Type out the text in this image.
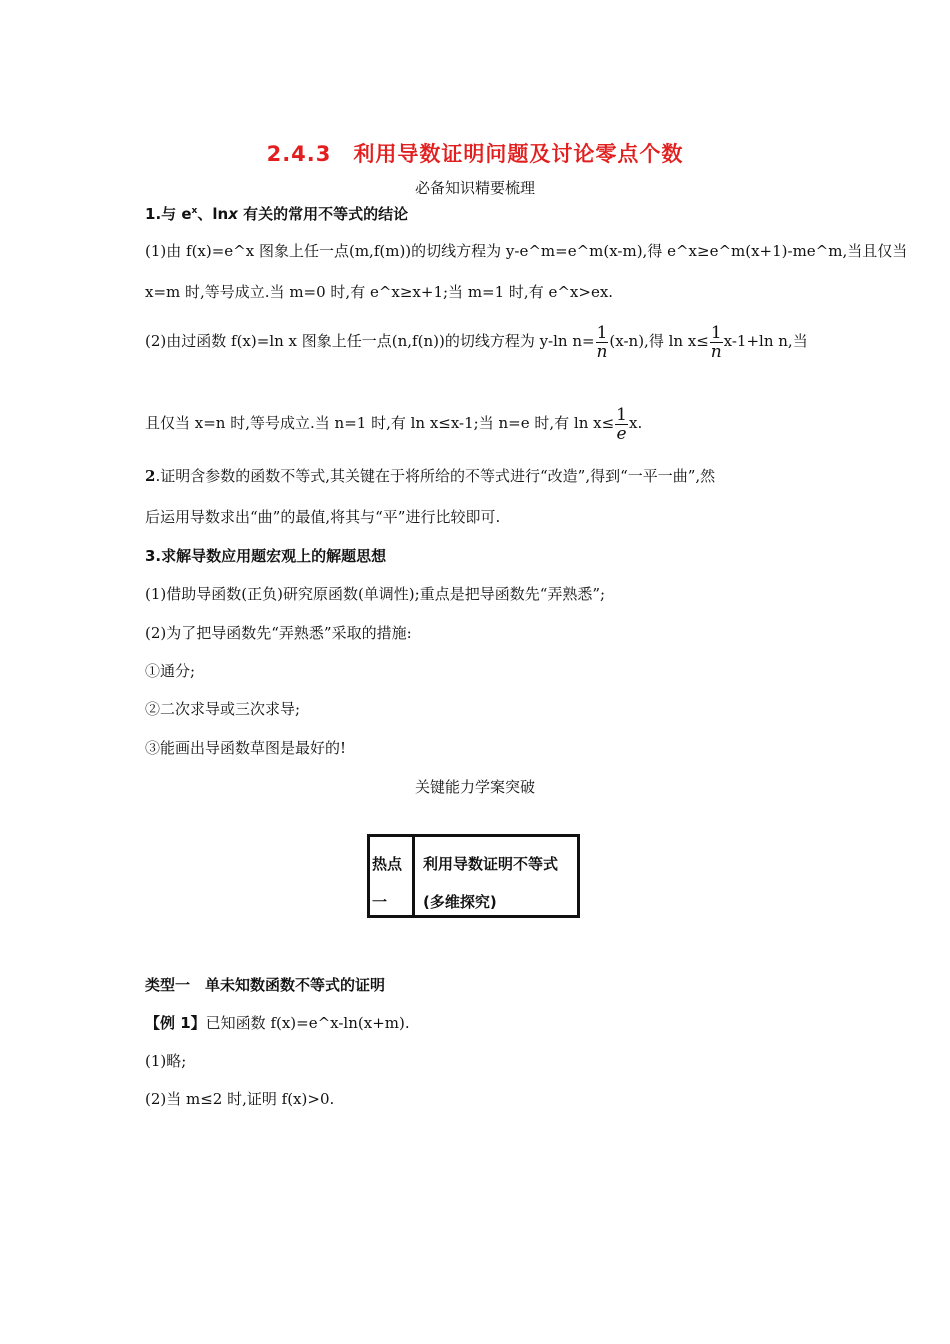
2.4.3　利用导数证明问题及讨论零点个数
必备知识精要梳理
1.与 $e^x$、lnx 有关的常用不等式的结论
(1)由 f(x)=e^x 图象上任一点(m,f(m))的切线方程为 y-e^m=e^m(x-m),得 e^x≥e^m(x+1)-me^m,当且仅当
x=m 时,等号成立.当 m=0 时,有 e^x≥x+1;当 m=1 时,有 e^x>ex.
(2)由过函数 f(x)=ln x 图象上任一点(n,f(n))的切线方程为 y-ln $n= \frac{1}{n} (x-n)$,得 $\ln x\le \frac{1}{n} x-1+\ln$ n,当
且仅当 x=n 时,等号成立.当 n=1 时,有 ln x≤x-1;当 n=e 时,有 $\ln x\le \frac{1}{e} x$.
2.证明含参数的函数不等式,其关键在于将所给的不等式进行“改造”,得到“一平一曲”,然
后运用导数求出“曲”的最值,将其与“平”进行比较即可.
3.求解导数应用题宏观上的解题思想
(1)借助导函数(正负)研究原函数(单调性);重点是把导函数先“弄熟悉”;
(2)为了把导函数先“弄熟悉”采取的措施:
①通分;
②二次求导或三次求导;
③能画出导函数草图是最好的!
关键能力学案突破
热点
一
利用导数证明不等式
(多维探究)
类型一　单未知数函数不等式的证明
【例 1】已知函数 f(x)=e^x-ln(x+m).
(1)略;
(2)当 m≤2 时,证明 f(x)>0.
